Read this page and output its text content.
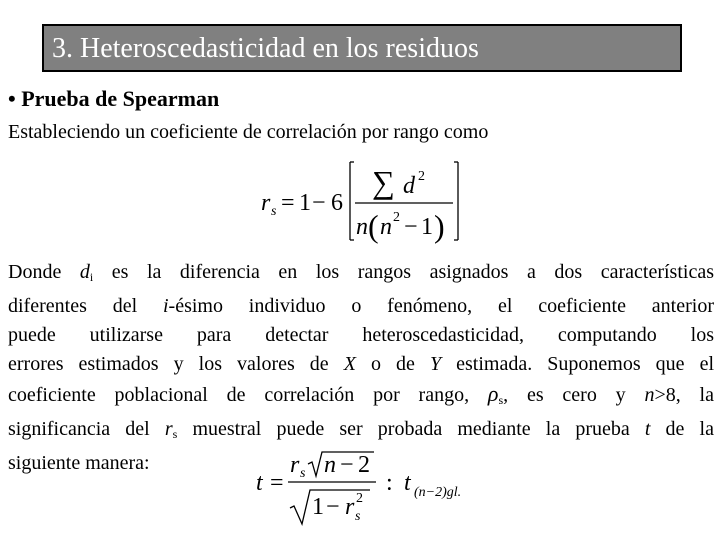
3. Heteroscedasticidad en los residuos
• Prueba de Spearman
Estableciendo un coeficiente de correlación por rango como
r s = 1 − 6
∑ d 2
n ( n 2 − 1 )
Donde $d_i$ es la diferencia en los rangos asignados a dos características
diferentes del i-ésimo individuo o fenómeno, el coeficiente anterior
puede utilizarse para detectar heteroscedasticidad, computando los
errores estimados y los valores de X o de Y estimada. Suponemos que el
coeficiente poblacional de correlación por rango, $\rho_s$, es cero y n>8, la
significancia del $r_s$ muestral puede ser probada mediante la prueba t de la
siguiente manera:
t =
r s n − 2
1 − r s
2
: t (n−2)gl.
